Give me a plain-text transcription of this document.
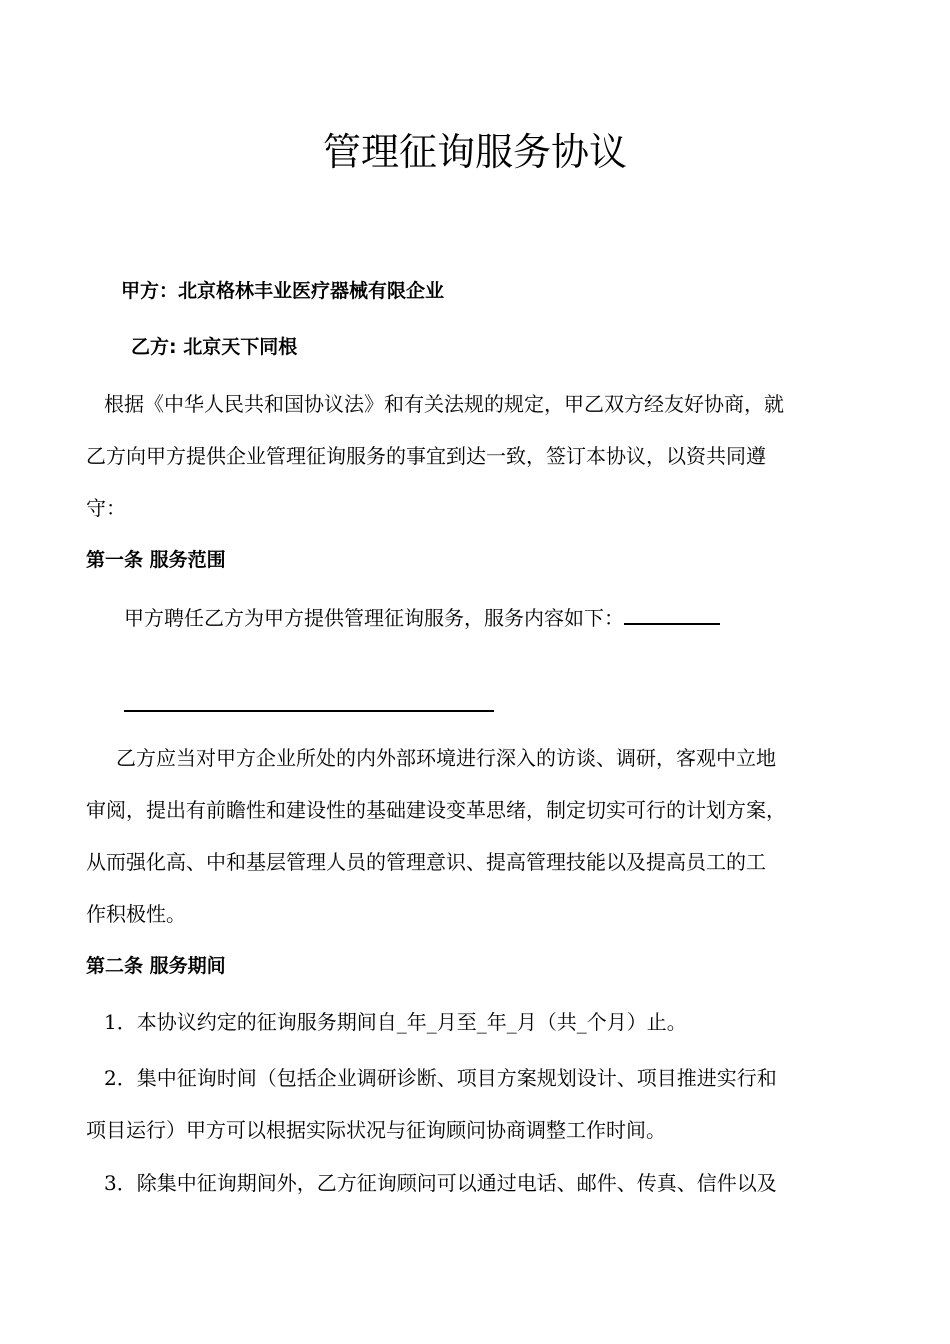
管理征询服务协议

甲方：北京格林丰业医疗器械有限企业

乙方: 北京天下同根

根据《中华人民共和国协议法》和有关法规的规定，甲乙双方经友好协商，就

乙方向甲方提供企业管理征询服务的事宜到达一致，签订本协议，以资共同遵

守：

第一条 服务范围

甲方聘任乙方为甲方提供管理征询服务，服务内容如下：

乙方应当对甲方企业所处的内外部环境进行深入的访谈、调研，客观中立地

审阅，提出有前瞻性和建设性的基础建设变革思绪，制定切实可行的计划方案，

从而强化高、中和基层管理人员的管理意识、提高管理技能以及提高员工的工

作积极性。

第二条 服务期间

1．本协议约定的征询服务期间自_年_月至_年_月（共_个月）止。

2．集中征询时间（包括企业调研诊断、项目方案规划设计、项目推进实行和

项目运行）甲方可以根据实际状况与征询顾问协商调整工作时间。

3．除集中征询期间外，乙方征询顾问可以通过电话、邮件、传真、信件以及
